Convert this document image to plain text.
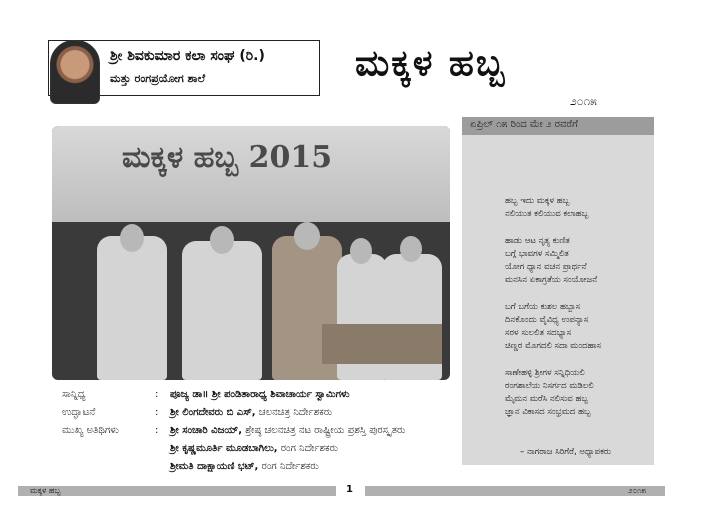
ಶ್ರೀ ಶಿವಕುಮಾರ ಕಲಾ ಸಂಘ (ರಿ.)
ಮತ್ತು ರಂಗಪ್ರಯೋಗ ಶಾಲೆ	ಮಕ್ಕಳ ಹಬ್ಬ
೨೦೧೫
ಮಕ್ಕಳ ಹಬ್ಬ 2015
ಸಾನ್ನಿಧ್ಯ	: ಪೂಜ್ಯ ಡಾ॥ ಶ್ರೀ ಪಂಡಿತಾರಾಧ್ಯ ಶಿವಾಚಾರ್ಯ ಸ್ವಾಮಿಗಳು
ಉದ್ಘಾಟನೆ	: ಶ್ರೀ ಲಿಂಗದೇವರು ಬಿ ಎಸ್, ಚಲನಚಿತ್ರ ನಿರ್ದೇಶಕರು
ಮುಖ್ಯ ಅತಿಥಿಗಳು	: ಶ್ರೀ ಸಂಚಾರಿ ವಿಜಯ್, ಶ್ರೇಷ್ಠ ಚಲನಚಿತ್ರ ನಟ ರಾಷ್ಟ್ರೀಯ ಪ್ರಶಸ್ತಿ ಪುರಸ್ಕೃತರು
ಶ್ರೀ ಕೃಷ್ಣಮೂರ್ತಿ ಮೂಡಬಾಗಿಲು, ರಂಗ ನಿರ್ದೇಶಕರು
ಶ್ರೀಮತಿ ದಾಕ್ಷಾಯಣಿ ಭಟ್, ರಂಗ ನಿರ್ದೇಶಕರು
ಏಪ್ರಿಲ್ ೧೫ ರಿಂದ ಮೇ ೨ ರವರೆಗೆ
ಹಬ್ಬ ಇದು ಮಕ್ಕಳ ಹಬ್ಬ
ನಲಿಯುತ ಕಲಿಯುವ ಕಲಾಹಬ್ಬ
ಹಾಡು ಆಟ ನೃತ್ಯ ಕುಣಿತ
ಬಗ್ಗೆ ಭಾವಗಳ ಸಮ್ಮಿಲಿತ
ಯೋಗ ಧ್ಯಾನ ವಚನ ಪ್ರಾರ್ಥನೆ
ಮನಸಿನ ಏಕಾಗ್ರತೆಯ ಸಂಯೋಜನೆ
ಬಗೆ ಬಗೆಯ ಕುಶಲ ಹಬ್ಬಾಸ
ದಿನಕೊಂದು ವೈವಿಧ್ಯ ಉಪನ್ಯಾಸ
ಸರಳ ಸುಲಲಿತ ಸದಭ್ಯಾಸ
ಚಿಣ್ಣರ ಮೊಗದಲಿ ಸದಾ ಮಂದಹಾಸ
ಸಾಣೇಹಳ್ಳಿ ಶ್ರೀಗಳ ಸನ್ನಿಧಿಯಲಿ
ರಂಗಶಾಲೆಯ ನಿಸರ್ಗದ ಮಡಿಲಲಿ
ಮೈಮನ ಮರೆಸಿ ನಲಿಸುವ ಹಬ್ಬ
ಜ್ಞಾನ ವಿಕಾಸದ ಸಂಭ್ರಮದ ಹಬ್ಬ
– ನಾಗರಾಜ ಸಿರಿಗೆರೆ, ಅಧ್ಯಾಪಕರು
ಮಕ್ಕಳ ಹಬ್ಬ	1	೨೦೧೫
